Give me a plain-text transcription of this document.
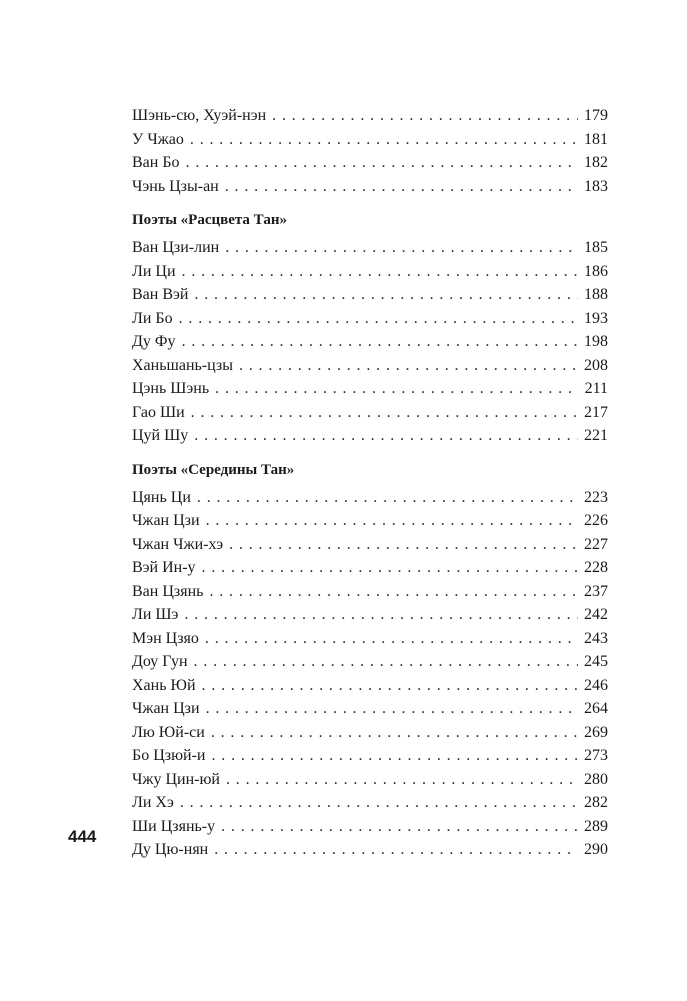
Шэнь-сю, Хуэй-нэн . . .	179
У Чжао . . .	181
Ван Бо . . .	182
Чэнь Цзы-ан . . .	183
Поэты «Расцвета Тан»
Ван Цзи-лин . . .	185
Ли Ци . . .	186
Ван Вэй . . .	188
Ли Бо . . .	193
Ду Фу . . .	198
Ханьшань-цзы . . .	208
Цэнь Шэнь . . .	211
Гао Ши . . .	217
Цуй Шу . . .	221
Поэты «Середины Тан»
Цянь Ци . . .	223
Чжан Цзи . . .	226
Чжан Чжи-хэ . . .	227
Вэй Ин-у . . .	228
Ван Цзянь . . .	237
Ли Шэ . . .	242
Мэн Цзяо . . .	243
Доу Гун . . .	245
Хань Юй . . .	246
Чжан Цзи . . .	264
Лю Юй-си . . .	269
Бо Цзюй-и . . .	273
Чжу Цин-юй . . .	280
Ли Хэ . . .	282
Ши Цзянь-у . . .	289
Ду Цю-нян . . .	290
444
